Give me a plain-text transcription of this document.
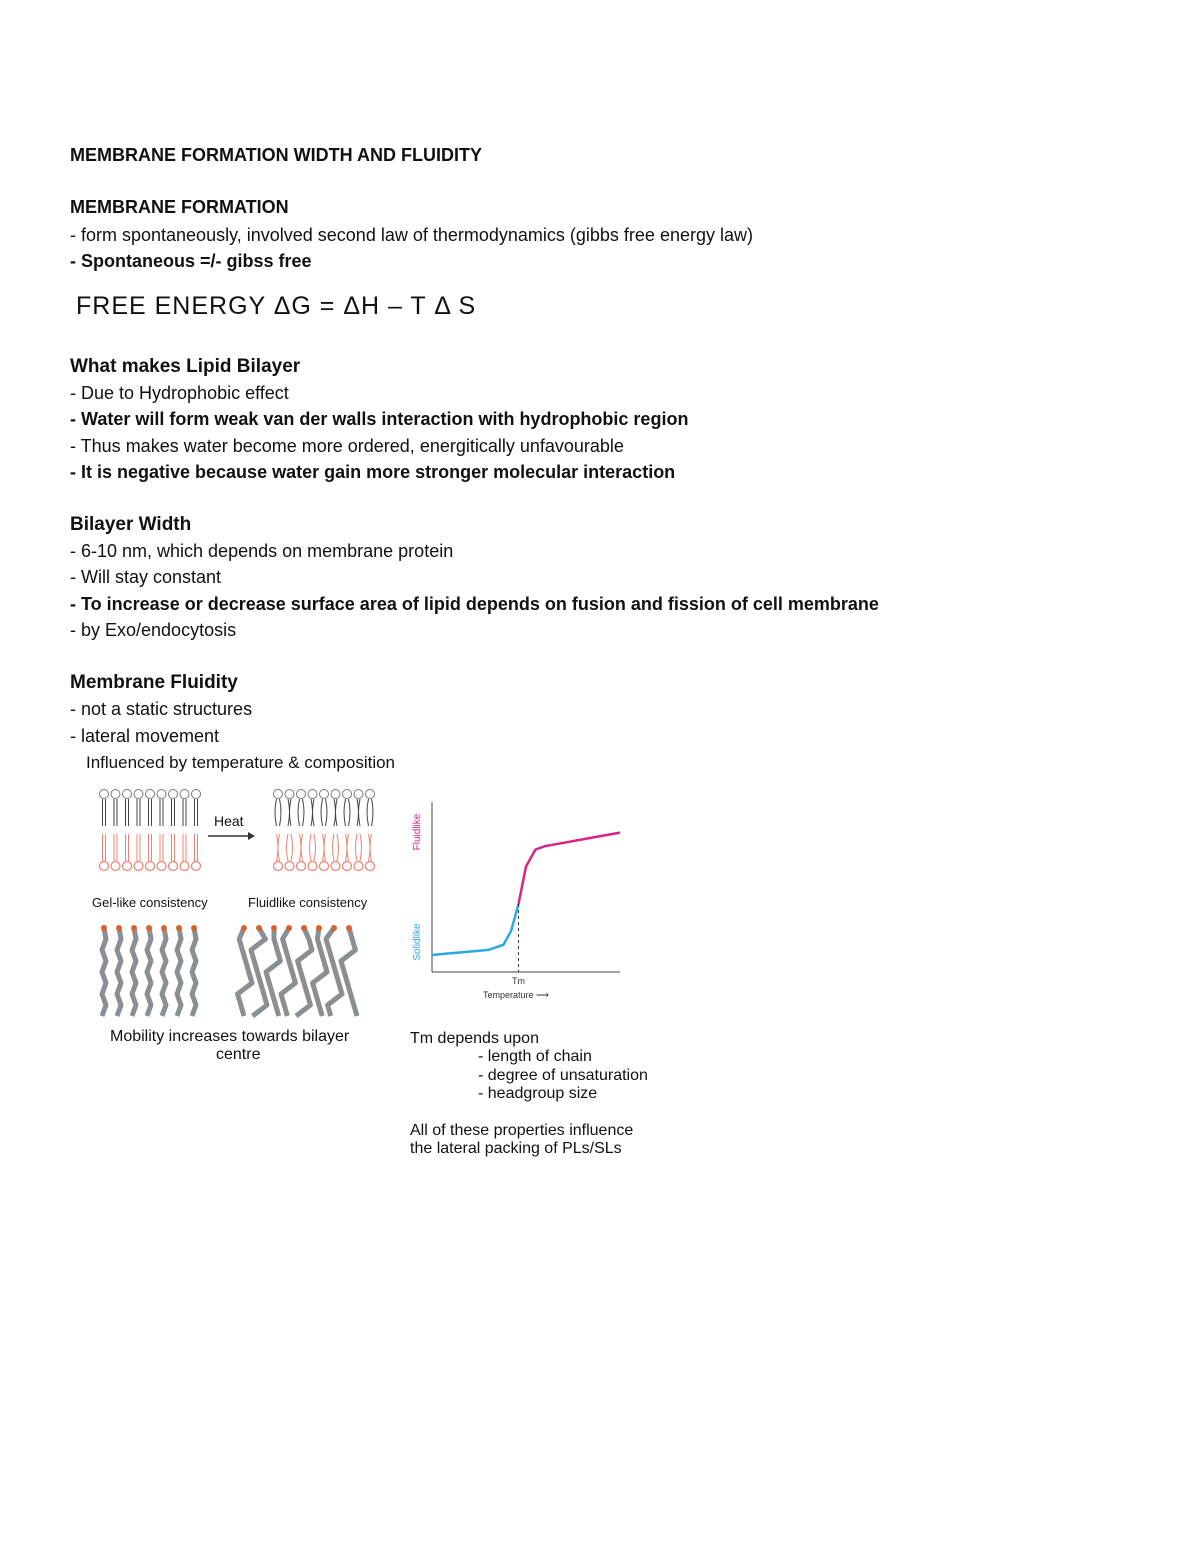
MEMBRANE FORMATION WIDTH AND FLUIDITY
MEMBRANE FORMATION
- form spontaneously, involved second law of thermodynamics (gibbs free energy law)
- Spontaneous =/- gibss free
FREE ENERGY ΔG = ΔH – T Δ S
What makes Lipid Bilayer
- Due to Hydrophobic effect
- Water will form weak van der walls interaction with hydrophobic region
- Thus makes water become more ordered, energitically unfavourable
- It is negative because water gain more stronger molecular interaction
Bilayer Width
- 6-10 nm, which depends on membrane protein
- Will stay constant
- To increase or decrease surface area of lipid depends on fusion and fission of cell membrane
- by Exo/endocytosis
Membrane Fluidity
- not a static structures
- lateral movement
Influenced by temperature & composition
Heat
Gel-like consistency	Fluidlike consistency
Mobility increases towards bilayer
centre
Tm
Temperature ⟶
Fluidlike
Solidlike
Tm depends upon
- length of chain
- degree of unsaturation
- headgroup size
All of these properties influence
the lateral packing of PLs/SLs
